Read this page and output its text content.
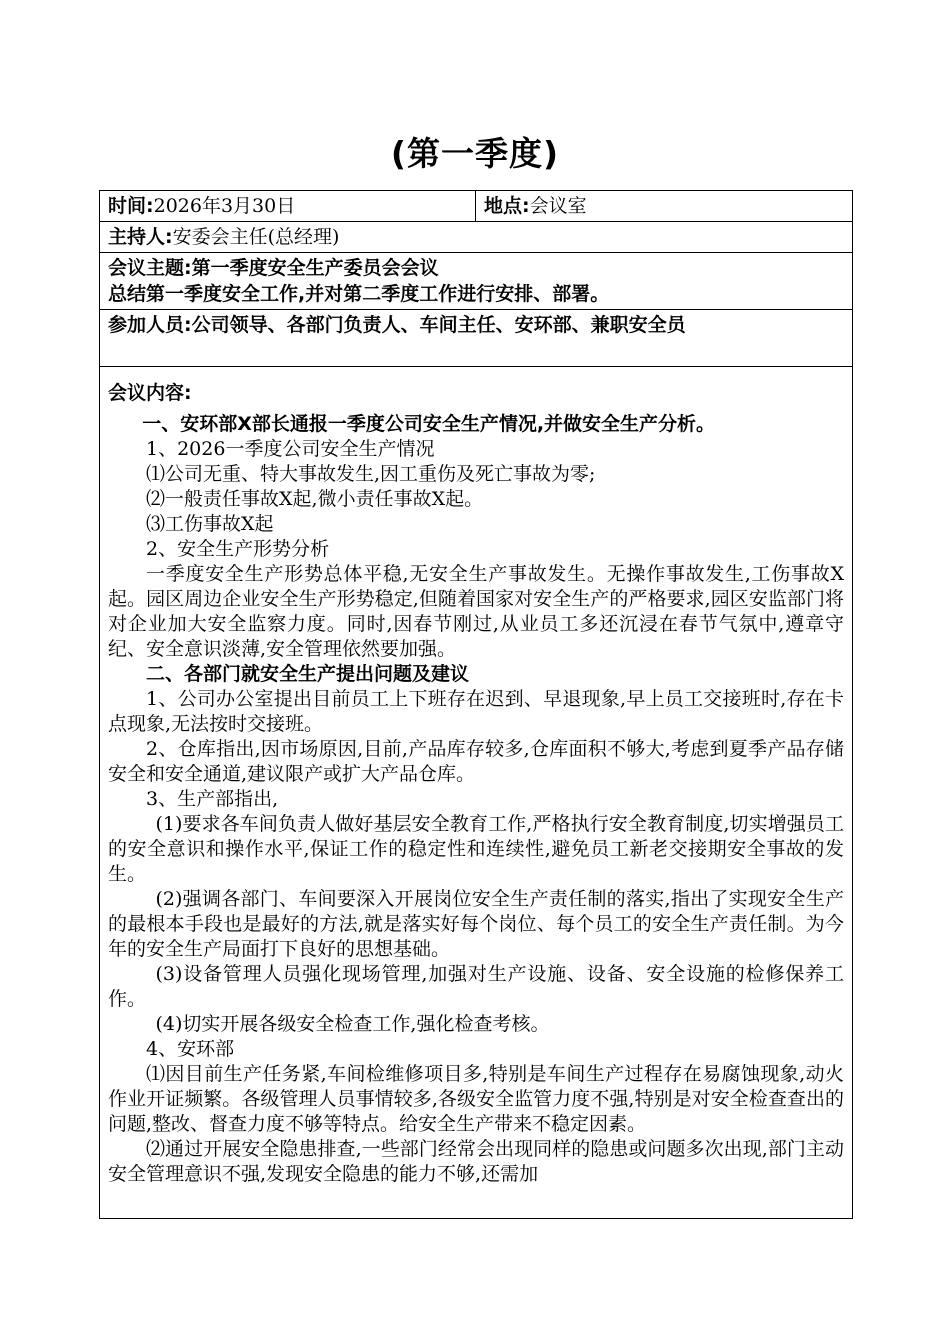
(第一季度)
时间:2026年3月30日	地点:会议室
主持人:安委会主任(总经理)

会议主题:第一季度安全生产委员会会议
总结第一季度安全工作,并对第二季度工作进行安排、部署。

参加人员:公司领导、各部门负责人、车间主任、安环部、兼职安全员

会议内容:

一、安环部X部长通报一季度公司安全生产情况,并做安全生产分析。

1、2026一季度公司安全生产情况

⑴公司无重、特大事故发生,因工重伤及死亡事故为零;

⑵一般责任事故X起,微小责任事故X起。

⑶工伤事故X起

2、安全生产形势分析

一季度安全生产形势总体平稳,无安全生产事故发生。无操作事故发生,工伤事故X起。园区周边企业安全生产形势稳定,但随着国家对安全生产的严格要求,园区安监部门将对企业加大安全监察力度。同时,因春节刚过,从业员工多还沉浸在春节气氛中,遵章守纪、安全意识淡薄,安全管理依然要加强。

二、各部门就安全生产提出问题及建议

1、公司办公室提出目前员工上下班存在迟到、早退现象,早上员工交接班时,存在卡点现象,无法按时交接班。

2、仓库指出,因市场原因,目前,产品库存较多,仓库面积不够大,考虑到夏季产品存储安全和安全通道,建议限产或扩大产品仓库。

3、生产部指出,

(1)要求各车间负责人做好基层安全教育工作,严格执行安全教育制度,切实增强员工的安全意识和操作水平,保证工作的稳定性和连续性,避免员工新老交接期安全事故的发生。

(2)强调各部门、车间要深入开展岗位安全生产责任制的落实,指出了实现安全生产的最根本手段也是最好的方法,就是落实好每个岗位、每个员工的安全生产责任制。为今年的安全生产局面打下良好的思想基础。

(3)设备管理人员强化现场管理,加强对生产设施、设备、安全设施的检修保养工作。

(4)切实开展各级安全检查工作,强化检查考核。

4、安环部

⑴因目前生产任务紧,车间检维修项目多,特别是车间生产过程存在易腐蚀现象,动火作业开证频繁。各级管理人员事情较多,各级安全监管力度不强,特别是对安全检查查出的问题,整改、督查力度不够等特点。给安全生产带来不稳定因素。

⑵通过开展安全隐患排查,一些部门经常会出现同样的隐患或问题多次出现,部门主动安全管理意识不强,发现安全隐患的能力不够,还需加
